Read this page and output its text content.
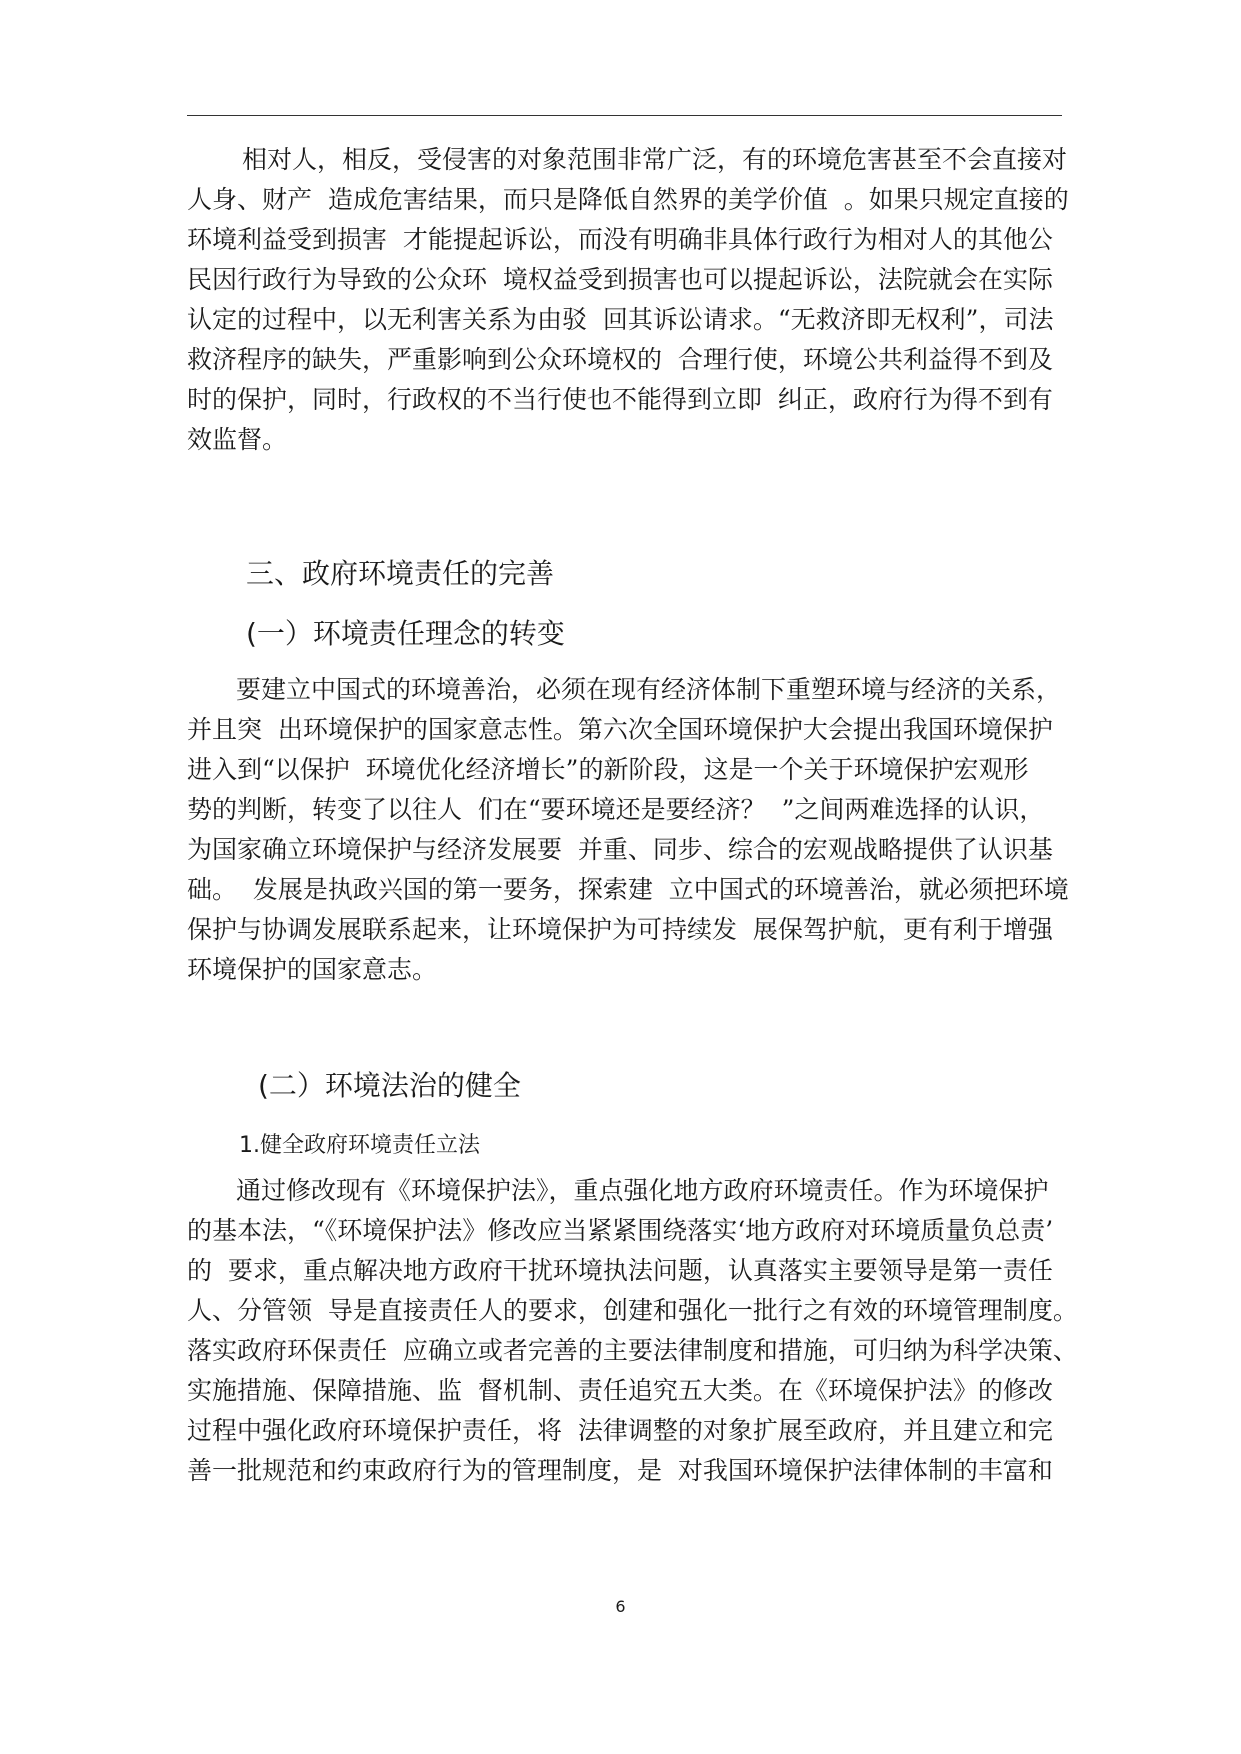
相对人，相反，受侵害的对象范围非常广泛，有的环境危害甚至不会直接对
人身、财产  造成危害结果，而只是降低自然界的美学价值  。如果只规定直接的
环境利益受到损害  才能提起诉讼，而没有明确非具体行政行为相对人的其他公
民因行政行为导致的公众环  境权益受到损害也可以提起诉讼，法院就会在实际
认定的过程中，以无利害关系为由驳  回其诉讼请求。“无救济即无权利”，司法
救济程序的缺失，严重影响到公众环境权的  合理行使，环境公共利益得不到及
时的保护，同时，行政权的不当行使也不能得到立即  纠正，政府行为得不到有
效监督。
三、政府环境责任的完善
(一）环境责任理念的转变
要建立中国式的环境善治，必须在现有经济体制下重塑环境与经济的关系，
并且突  出环境保护的国家意志性。第六次全国环境保护大会提出我国环境保护
进入到“以保护  环境优化经济增长”的新阶段，这是一个关于环境保护宏观形
势的判断，转变了以往人  们在“要环境还是要经济？  ”之间两难选择的认识，
为国家确立环境保护与经济发展要  并重、同步、综合的宏观战略提供了认识基
础。  发展是执政兴国的第一要务，探索建  立中国式的环境善治，就必须把环境
保护与协调发展联系起来，让环境保护为可持续发  展保驾护航，更有利于增强
环境保护的国家意志。
(二）环境法治的健全
1.健全政府环境责任立法
通过修改现有《环境保护法》，重点强化地方政府环境责任。作为环境保护
的基本法，“《环境保护法》修改应当紧紧围绕落实‘地方政府对环境质量负总责’
的  要求，重点解决地方政府干扰环境执法问题，认真落实主要领导是第一责任
人、分管领  导是直接责任人的要求，创建和强化一批行之有效的环境管理制度。
落实政府环保责任  应确立或者完善的主要法律制度和措施，可归纳为科学决策、
实施措施、保障措施、监  督机制、责任追究五大类。在《环境保护法》的修改
过程中强化政府环境保护责任，将  法律调整的对象扩展至政府，并且建立和完
善一批规范和约束政府行为的管理制度，是  对我国环境保护法律体制的丰富和
6
